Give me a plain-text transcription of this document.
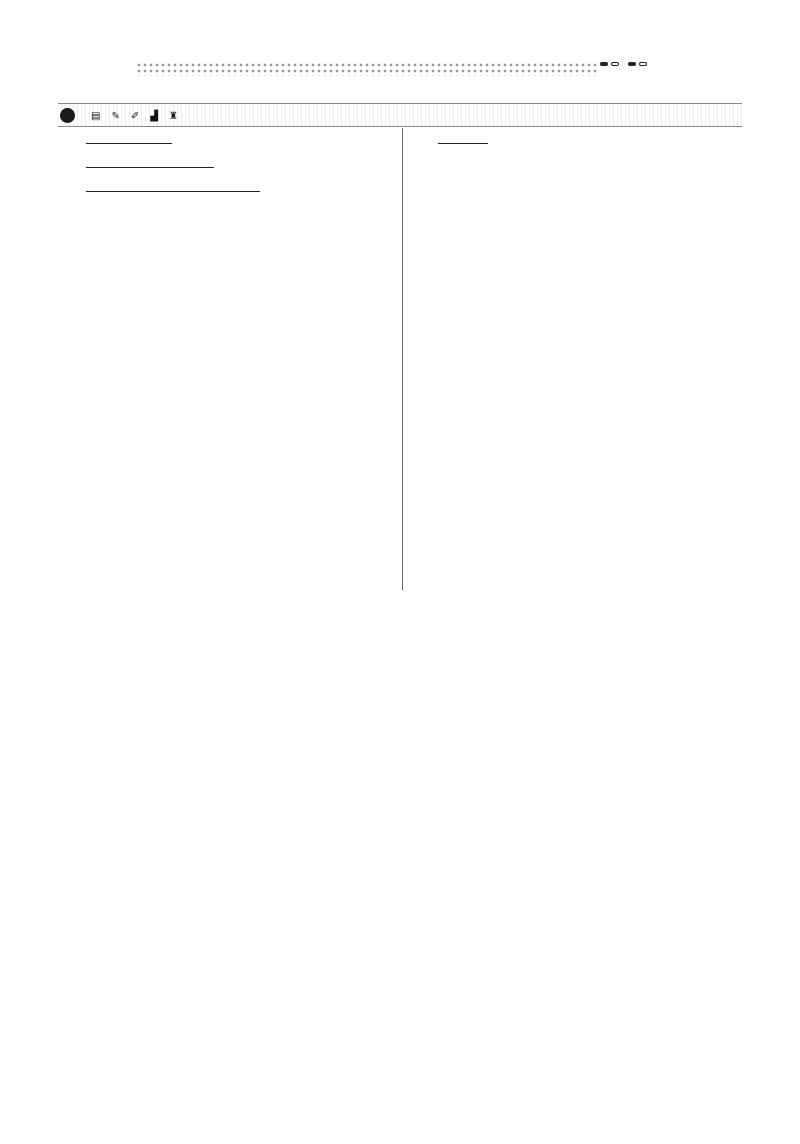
▤ ✎ ✐ ▟ ♜
